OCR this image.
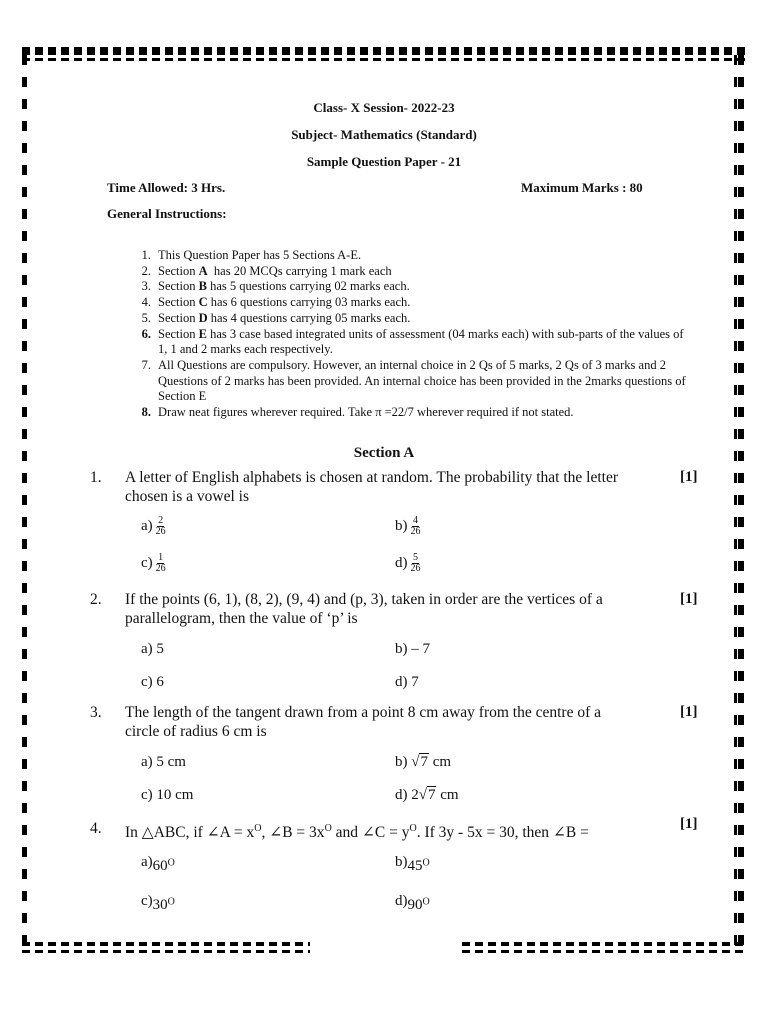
Class- X Session- 2022-23
Subject- Mathematics (Standard)
Sample Question Paper - 21
Time Allowed: 3 Hrs.	Maximum Marks : 80
General Instructions:
1. This Question Paper has 5 Sections A-E.
2. Section A  has 20 MCQs carrying 1 mark each
3. Section B has 5 questions carrying 02 marks each.
4. Section C has 6 questions carrying 03 marks each.
5. Section D has 4 questions carrying 05 marks each.
6. Section E has 3 case based integrated units of assessment (04 marks each) with sub-parts of the values of 1, 1 and 2 marks each respectively.
7. All Questions are compulsory. However, an internal choice in 2 Qs of 5 marks, 2 Qs of 3 marks and 2 Questions of 2 marks has been provided. An internal choice has been provided in the 2marks questions of Section E
8. Draw neat figures wherever required. Take π =22/7 wherever required if not stated.
Section A
1. A letter of English alphabets is chosen at random. The probability that the letter
chosen is a vowel is
[1]
$a) \frac{2}{26}$	$b) \frac{4}{26}$
$c) \frac{1}{26}$	$d) \frac{5}{26}$
2. If the points (6, 1), (8, 2), (9, 4) and (p, 3), taken in order are the vertices of a
parallelogram, then the value of ‘p’ is
[1]
a) 5	b) – 7
c) 6	d) 7
3. The length of the tangent drawn from a point 8 cm away from the centre of a
circle of radius 6 cm is
[1]
a) 5 cm	b) √7 cm
c) 10 cm	d) 2√7 cm
4. In △ABC, if ∠A = $x^O$, ∠B = $3x^O$ and ∠C = $y^O$. If 3y - 5x = 30, then ∠B =
[1]
$a)_{60O}$	$b)_{45O}$
$c)_{30O}$	$d)_{90O}$
